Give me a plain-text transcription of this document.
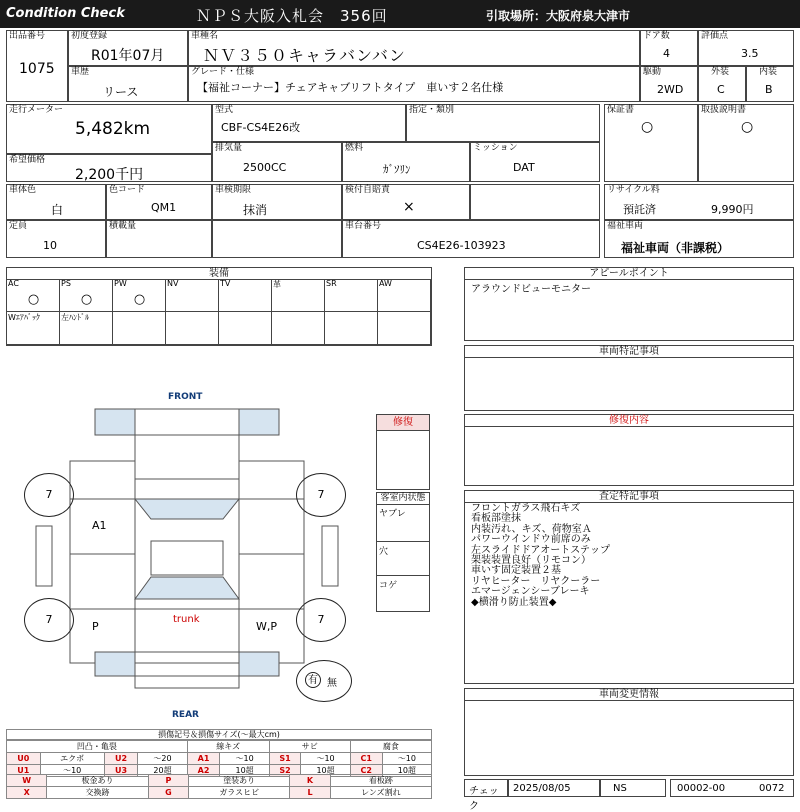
Condition Check	ＮＰＳ大阪入札会　356回	引取場所：大阪府泉大津市
出品番号
1075
初度登録
R01年07月
車種名
ＮＶ３５０キャラバンバン
ドア数
4
評価点
3.5
車歴
リース
グレード・仕様
【福祉コーナー】チェアキャブリフトタイプ　車いす２名仕様
駆動
2WD
外装
C
内装
B
走行メーター
5,482km
希望価格
2,200千円
型式
CBF-CS4E26改
指定・類別	保証書
○
取扱説明書
○
排気量
2500CC
燃料
ｶﾞｿﾘﾝ
ミッション
DAT
車体色
白
色コード
QM1
車検期限
抹消
検付自賠責
×
リサイクル料
預託済	9,990円
定員
10
積載量	車台番号
CS4E26-103923
福祉車両
福祉車両（非課税）
装備
AC
○
PS
○
PW
○
NV	TV	革	SR	AW
Wｴｱﾊﾞｯｸ	左ﾊﾝﾄﾞﾙ
アピールポイント
アラウンドビューモニター
車両特記事項
修復内容
査定特記事項
フロントガラス飛石キズ
看板部塗抹
内装汚れ、キズ、荷物室Ａ
パワーウインドウ前席のみ
左スライドドアオートステップ
架装装置良好（リモコン）
車いす固定装置２基
リヤヒーター　リヤクーラー
エマージェンシーブレーキ
◆横滑り防止装置◆
車両変更情報
チェック
2025/08/05	NS	00002-00	0072
修復
客室内状態
ヤブレ
穴
コゲ
FRONT
REAR
trunk
A1
P	W,P
7	7
7	7
有 無
損傷記号＆損傷サイズ(～最大cm)
凹凸・亀裂				線キズ		サビ		腐食	
U0	エクボ	U2	～20	A1	～10	S1	～10	C1	～10
U1	～10	U3	20超	A2	10超	S2	10超	C2	10超
W	板金あり	P	塗装あり	K	看板跡
X	交換跡	G	ガラスヒビ	L	レンズ割れ
